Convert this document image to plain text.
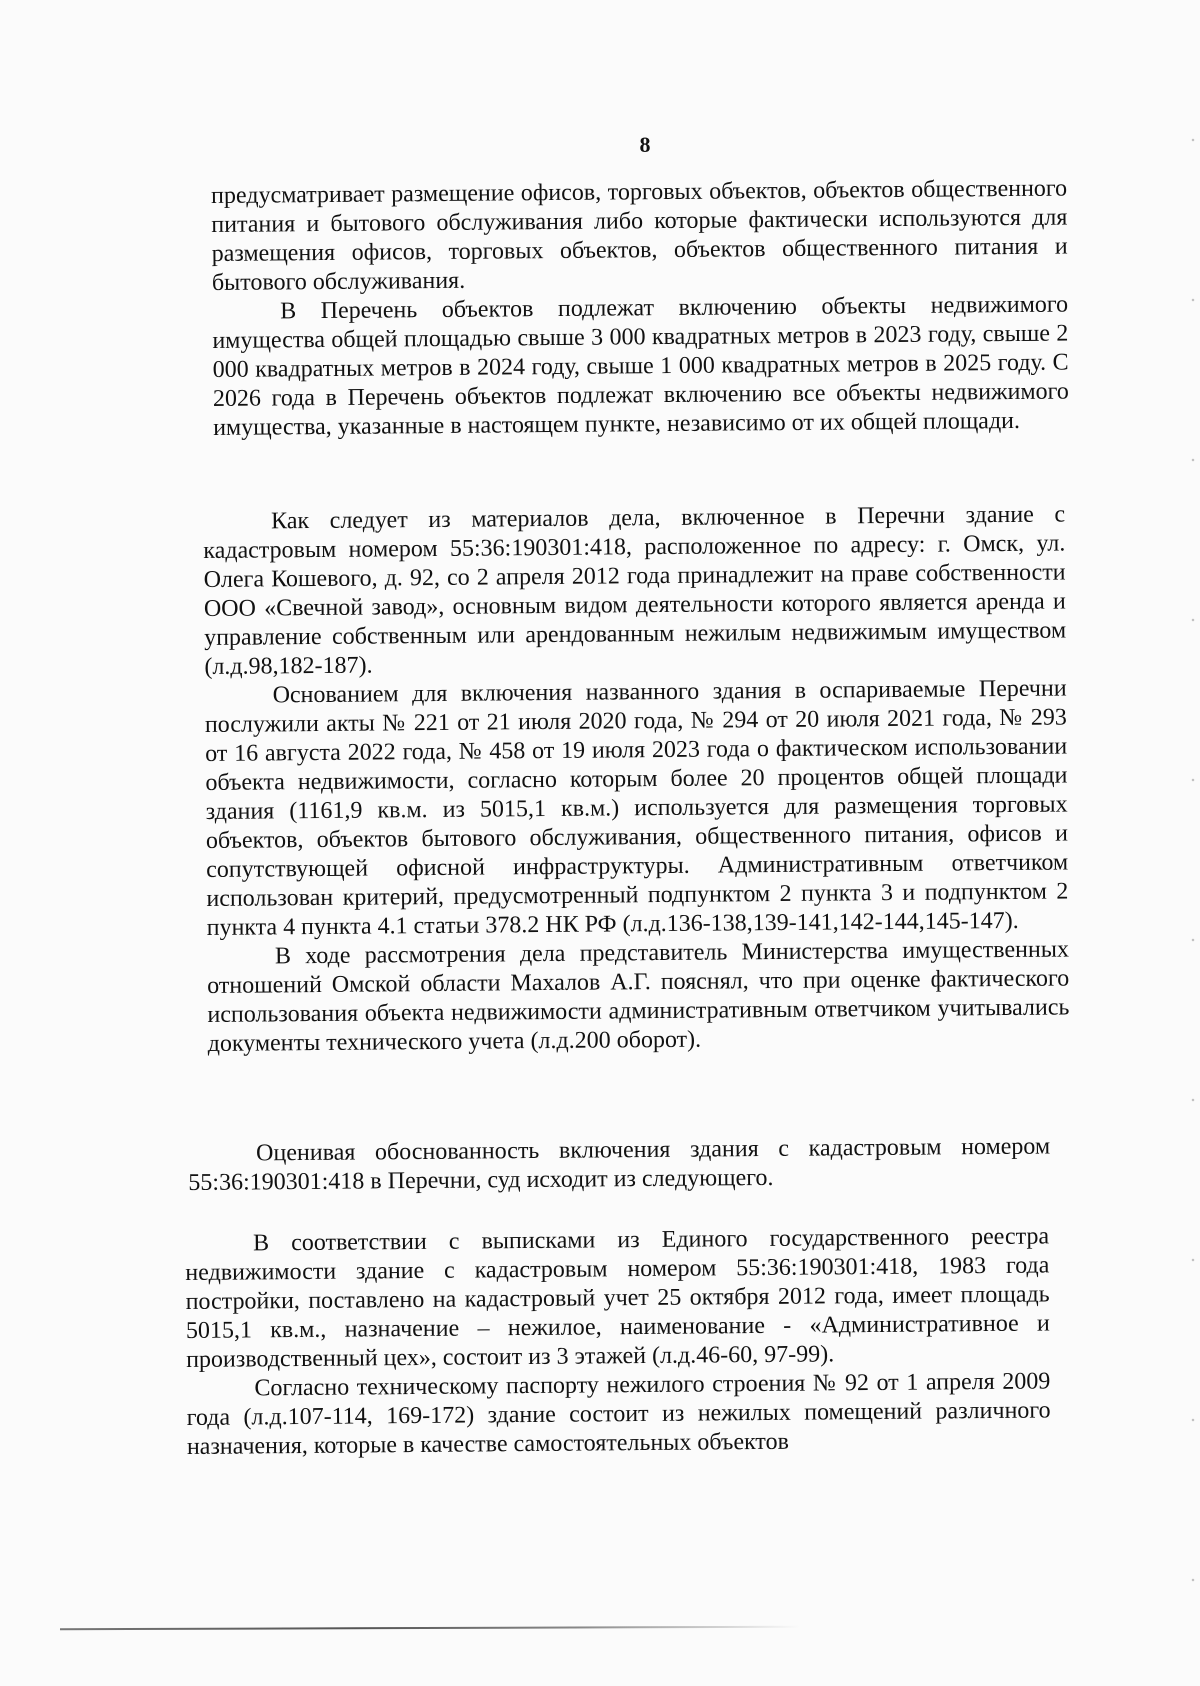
8

предусматривает размещение офисов, торговых объектов, объектов общественного питания и бытового обслуживания либо которые фактически используются для размещения офисов, торговых объектов, объектов общественного питания и бытового обслуживания.

В Перечень объектов подлежат включению объекты недвижимого имущества общей площадью свыше 3 000 квадратных метров в 2023 году, свыше 2 000 квадратных метров в 2024 году, свыше 1 000 квадратных метров в 2025 году. С 2026 года в Перечень объектов подлежат включению все объекты недвижимого имущества, указанные в настоящем пункте, независимо от их общей площади.

Как следует из материалов дела, включенное в Перечни здание с кадастровым номером 55:36:190301:418, расположенное по адресу: г. Омск, ул. Олега Кошевого, д. 92, со 2 апреля 2012 года принадлежит на праве собственности ООО «Свечной завод», основным видом деятельности которого является аренда и управление собственным или арендованным нежилым недвижимым имуществом (л.д.98,182-187).

Основанием для включения названного здания в оспариваемые Перечни послужили акты № 221 от 21 июля 2020 года, № 294 от 20 июля 2021 года, № 293 от 16 августа 2022 года, № 458 от 19 июля 2023 года о фактическом использовании объекта недвижимости, согласно которым более 20 процентов общей площади здания (1161,9 кв.м. из 5015,1 кв.м.) используется для размещения торговых объектов, объектов бытового обслуживания, общественного питания, офисов и сопутствующей офисной инфраструктуры. Административным ответчиком использован критерий, предусмотренный подпунктом 2 пункта 3 и подпунктом 2 пункта 4 пункта 4.1 статьи 378.2 НК РФ (л.д.136-138,139-141,142-144,145-147).

В ходе рассмотрения дела представитель Министерства имущественных отношений Омской области Махалов А.Г. пояснял, что при оценке фактического использования объекта недвижимости административным ответчиком учитывались документы технического учета (л.д.200 оборот).

Оценивая обоснованность включения здания с кадастровым номером 55:36:190301:418 в Перечни, суд исходит из следующего.

В соответствии с выписками из Единого государственного реестра недвижимости здание с кадастровым номером 55:36:190301:418, 1983 года постройки, поставлено на кадастровый учет 25 октября 2012 года, имеет площадь 5015,1 кв.м., назначение – нежилое, наименование - «Административное и производственный цех», состоит из 3 этажей (л.д.46-60, 97-99).

Согласно техническому паспорту нежилого строения № 92 от 1 апреля 2009 года (л.д.107-114, 169-172) здание состоит из нежилых помещений различного назначения, которые в качестве самостоятельных объектов
